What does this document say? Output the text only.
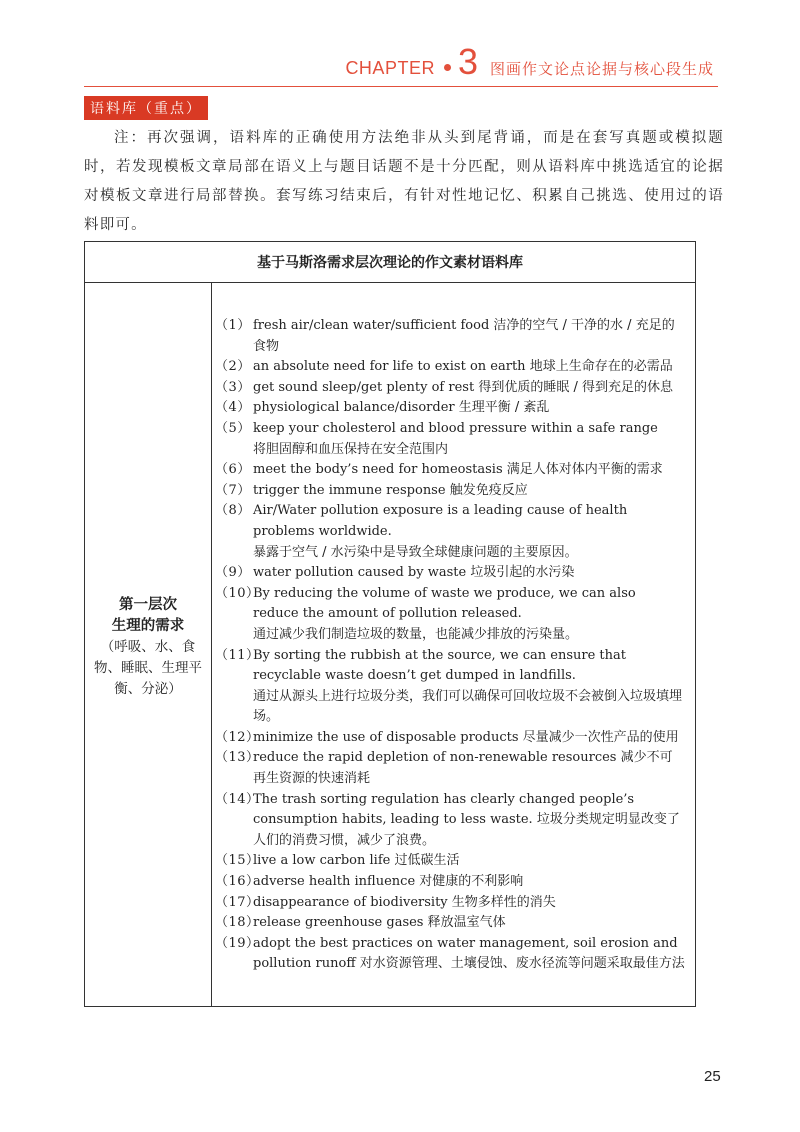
CHAPTER 3 图画作文论点论据与核心段生成
语料库（重点）
注：再次强调，语料库的正确使用方法绝非从头到尾背诵，而是在套写真题或模拟题时，若发现模板文章局部在语义上与题目话题不是十分匹配，则从语料库中挑选适宜的论据对模板文章进行局部替换。套写练习结束后，有针对性地记忆、积累自己挑选、使用过的语料即可。
基于马斯洛需求层次理论的作文素材语料库
第一层次
生理的需求
（呼吸、水、食物、睡眠、生理平衡、分泌）
（1） fresh air/clean water/sufficient food 洁净的空气 / 干净的水 / 充足的食物
（2） an absolute need for life to exist on earth 地球上生命存在的必需品
（3） get sound sleep/get plenty of rest 得到优质的睡眠 / 得到充足的休息
（4） physiological balance/disorder 生理平衡 / 紊乱
（5） keep your cholesterol and blood pressure within a safe range
将胆固醇和血压保持在安全范围内
（6） meet the body’s need for homeostasis 满足人体对体内平衡的需求
（7） trigger the immune response 触发免疫反应
（8） Air/Water pollution exposure is a leading cause of health problems worldwide.
暴露于空气 / 水污染中是导致全球健康问题的主要原因。
（9） water pollution caused by waste 垃圾引起的水污染
（10）
By reducing the volume of waste we produce, we can also reduce the amount of pollution released.
通过减少我们制造垃圾的数量，也能减少排放的污染量。
（11）
By sorting the rubbish at the source, we can ensure that recyclable waste doesn’t get dumped in landfills.
通过从源头上进行垃圾分类，我们可以确保可回收垃圾不会被倒入垃圾填埋场。
（12）
minimize the use of disposable products 尽量减少一次性产品的使用
（13）
reduce the rapid depletion of non-renewable resources 减少不可再生资源的快速消耗
（14）
The trash sorting regulation has clearly changed people’s consumption habits, leading to less waste. 垃圾分类规定明显改变了人们的消费习惯，减少了浪费。
（15）
live a low carbon life 过低碳生活
（16）
adverse health influence 对健康的不利影响
（17）
disappearance of biodiversity 生物多样性的消失
（18）
release greenhouse gases 释放温室气体
（19）
adopt the best practices on water management, soil erosion and pollution runoff 对水资源管理、土壤侵蚀、废水径流等问题采取最佳方法
25
